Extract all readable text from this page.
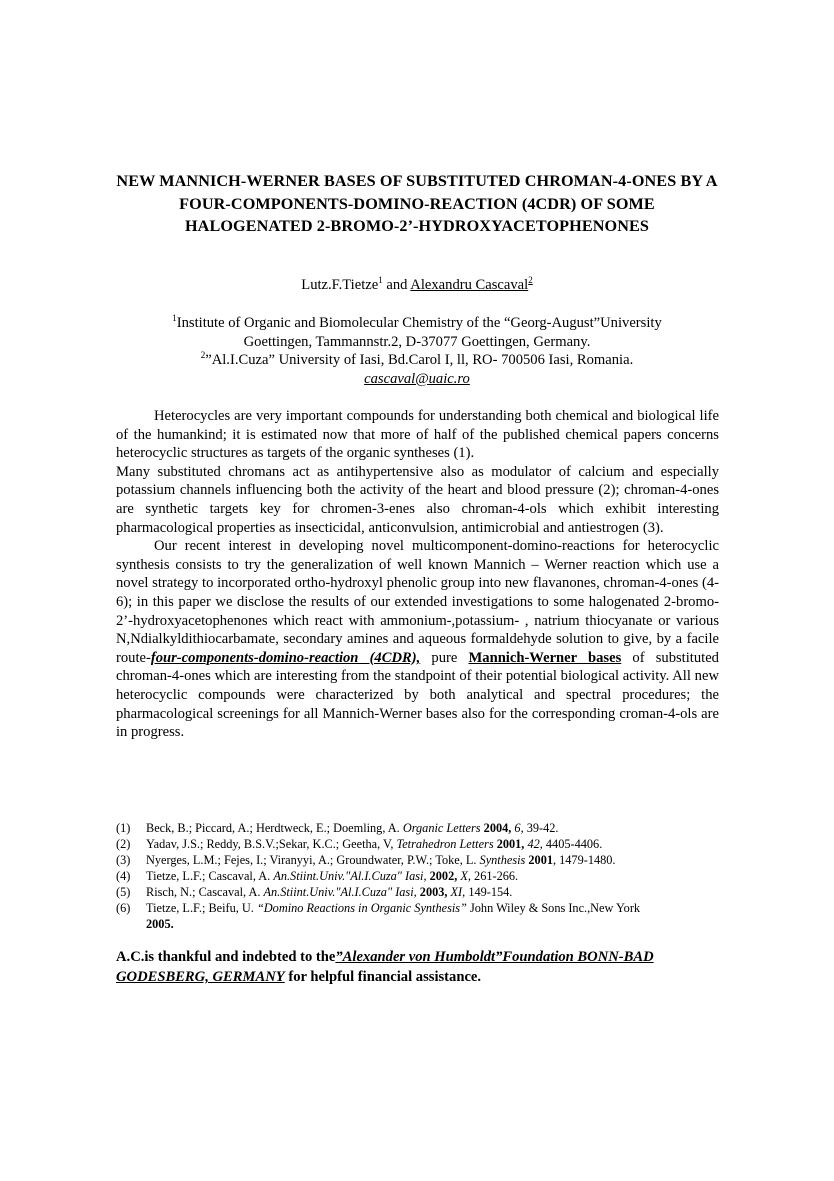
NEW MANNICH-WERNER BASES OF SUBSTITUTED CHROMAN-4-ONES BY A FOUR-COMPONENTS-DOMINO-REACTION (4CDR) OF SOME HALOGENATED 2-BROMO-2’-HYDROXYACETOPHENONES

Lutz.F.Tietze$^1$ and Alexandru Cascaval$^2$

$^1$Institute of Organic and Biomolecular Chemistry of the “Georg-August”University
Goettingen, Tammannstr.2, D-37077 Goettingen, Germany.
$^2$”Al.I.Cuza” University of Iasi, Bd.Carol I, ll, RO- 700506 Iasi, Romania.
cascaval@uaic.ro

Heterocycles are very important compounds for understanding both chemical and biological life of the humankind; it is estimated now that more of half of the published chemical papers concerns heterocyclic structures as targets of the organic syntheses (1).

Many substituted chromans act as antihypertensive also as modulator of calcium and especially potassium channels influencing both the activity of the heart and blood pressure (2); chroman-4-ones are synthetic targets key for chromen-3-enes also chroman-4-ols which exhibit interesting pharmacological properties as insecticidal, anticonvulsion, antimicrobial and antiestrogen (3).

Our recent interest in developing novel multicomponent-domino-reactions for heterocyclic synthesis consists to try the generalization of well known Mannich – Werner reaction which use a novel strategy to incorporated ortho-hydroxyl phenolic group into new flavanones, chroman-4-ones (4-6); in this paper we disclose the results of our extended investigations to some halogenated 2-bromo-2’-hydroxyacetophenones which react with ammonium-,potassium- , natrium thiocyanate or various N,Ndialkyldithiocarbamate, secondary amines and aqueous formaldehyde solution to give, by a facile route-four-components-domino-reaction (4CDR), pure Mannich-Werner bases of substituted chroman-4-ones which are interesting from the standpoint of their potential biological activity. All new heterocyclic compounds were characterized by both analytical and spectral procedures; the pharmacological screenings for all Mannich-Werner bases also for the corresponding croman-4-ols are in progress.

(1) Beck, B.; Piccard, A.; Herdtweck, E.; Doemling, A. Organic Letters 2004, 6, 39-42.
(2) Yadav, J.S.; Reddy, B.S.V.;Sekar, K.C.; Geetha, V, Tetrahedron Letters 2001, 42, 4405-4406.
(3) Nyerges, L.M.; Fejes, I.; Viranyyi, A.; Groundwater, P.W.; Toke, L. Synthesis 2001, 1479-1480.
(4) Tietze, L.F.; Cascaval, A. An.Stiint.Univ."Al.I.Cuza" Iasi, 2002, X, 261-266.
(5) Risch, N.; Cascaval, A. An.Stiint.Univ."Al.I.Cuza" Iasi, 2003, XI, 149-154.
(6) Tietze, L.F.; Beifu, U. “Domino Reactions in Organic Synthesis” John Wiley & Sons Inc.,New York
2005.

A.C.is thankful and indebted to the”Alexander von Humboldt”Foundation BONN-BAD GODESBERG, GERMANY for helpful financial assistance.
